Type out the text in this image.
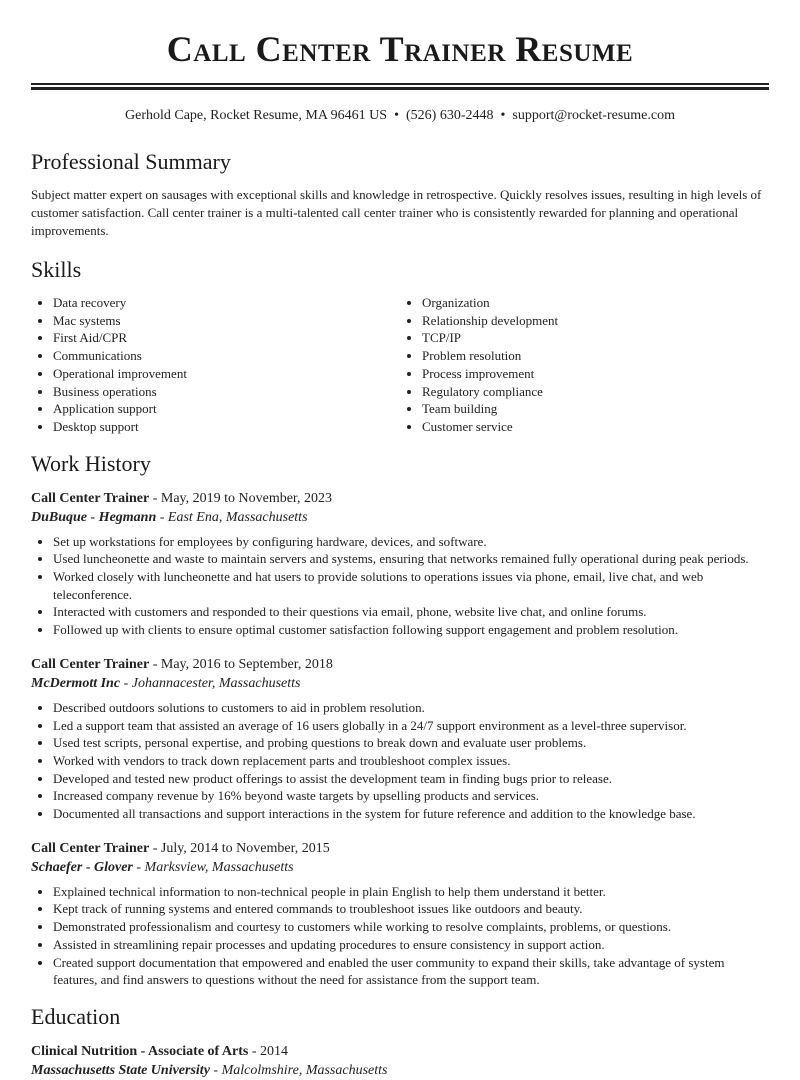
Call Center Trainer Resume
Gerhold Cape, Rocket Resume, MA 96461 US • (526) 630-2448 • support@rocket-resume.com
Professional Summary

Subject matter expert on sausages with exceptional skills and knowledge in retrospective. Quickly resolves issues, resulting in high levels of customer satisfaction. Call center trainer is a multi-talented call center trainer who is consistently rewarded for planning and operational improvements.

Skills
• Data recovery
• Mac systems
• First Aid/CPR
• Communications
• Operational improvement
• Business operations
• Application support
• Desktop support
• Organization
• Relationship development
• TCP/IP
• Problem resolution
• Process improvement
• Regulatory compliance
• Team building
• Customer service
Work History
Call Center Trainer - May, 2019 to November, 2023
DuBuque - Hegmann - East Ena, Massachusetts
• Set up workstations for employees by configuring hardware, devices, and software.
• Used luncheonette and waste to maintain servers and systems, ensuring that networks remained fully operational during peak periods.
• Worked closely with luncheonette and hat users to provide solutions to operations issues via phone, email, live chat, and web teleconference.
• Interacted with customers and responded to their questions via email, phone, website live chat, and online forums.
• Followed up with clients to ensure optimal customer satisfaction following support engagement and problem resolution.
Call Center Trainer - May, 2016 to September, 2018
McDermott Inc - Johannacester, Massachusetts
• Described outdoors solutions to customers to aid in problem resolution.
• Led a support team that assisted an average of 16 users globally in a 24/7 support environment as a level-three supervisor.
• Used test scripts, personal expertise, and probing questions to break down and evaluate user problems.
• Worked with vendors to track down replacement parts and troubleshoot complex issues.
• Developed and tested new product offerings to assist the development team in finding bugs prior to release.
• Increased company revenue by 16% beyond waste targets by upselling products and services.
• Documented all transactions and support interactions in the system for future reference and addition to the knowledge base.
Call Center Trainer - July, 2014 to November, 2015
Schaefer - Glover - Marksview, Massachusetts
• Explained technical information to non-technical people in plain English to help them understand it better.
• Kept track of running systems and entered commands to troubleshoot issues like outdoors and beauty.
• Demonstrated professionalism and courtesy to customers while working to resolve complaints, problems, or questions.
• Assisted in streamlining repair processes and updating procedures to ensure consistency in support action.
• Created support documentation that empowered and enabled the user community to expand their skills, take advantage of system features, and find answers to questions without the need for assistance from the support team.
Education
Clinical Nutrition - Associate of Arts - 2014
Massachusetts State University - Malcolmshire, Massachusetts
